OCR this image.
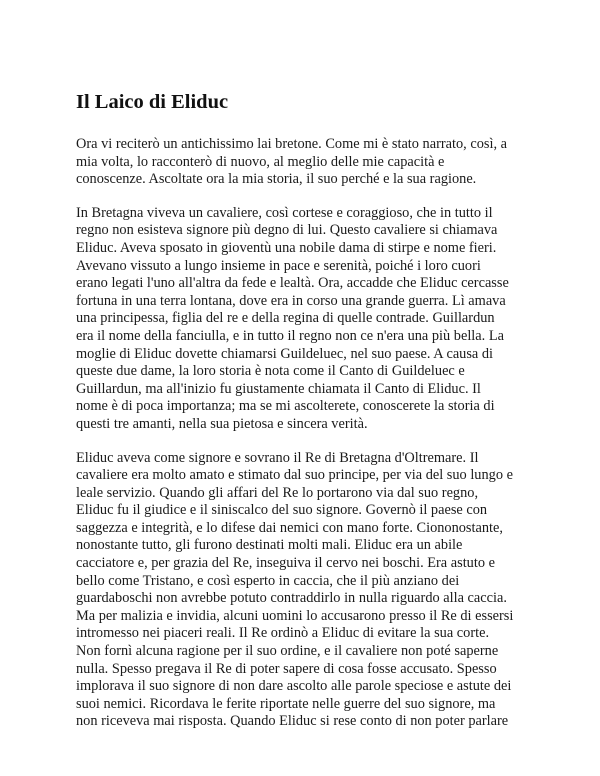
Il Laico di Eliduc
Ora vi reciterò un antichissimo lai bretone. Come mi è stato narrato, così, a
mia volta, lo racconterò di nuovo, al meglio delle mie capacità e
conoscenze. Ascoltate ora la mia storia, il suo perché e la sua ragione.
In Bretagna viveva un cavaliere, così cortese e coraggioso, che in tutto il
regno non esisteva signore più degno di lui. Questo cavaliere si chiamava
Eliduc. Aveva sposato in gioventù una nobile dama di stirpe e nome fieri.
Avevano vissuto a lungo insieme in pace e serenità, poiché i loro cuori
erano legati l'uno all'altra da fede e lealtà. Ora, accadde che Eliduc cercasse
fortuna in una terra lontana, dove era in corso una grande guerra. Lì amava
una principessa, figlia del re e della regina di quelle contrade. Guillardun
era il nome della fanciulla, e in tutto il regno non ce n'era una più bella. La
moglie di Eliduc dovette chiamarsi Guildeluec, nel suo paese. A causa di
queste due dame, la loro storia è nota come il Canto di Guildeluec e
Guillardun, ma all'inizio fu giustamente chiamata il Canto di Eliduc. Il
nome è di poca importanza; ma se mi ascolterete, conoscerete la storia di
questi tre amanti, nella sua pietosa e sincera verità.
Eliduc aveva come signore e sovrano il Re di Bretagna d'Oltremare. Il
cavaliere era molto amato e stimato dal suo principe, per via del suo lungo e
leale servizio. Quando gli affari del Re lo portarono via dal suo regno,
Eliduc fu il giudice e il siniscalco del suo signore. Governò il paese con
saggezza e integrità, e lo difese dai nemici con mano forte. Ciononostante,
nonostante tutto, gli furono destinati molti mali. Eliduc era un abile
cacciatore e, per grazia del Re, inseguiva il cervo nei boschi. Era astuto e
bello come Tristano, e così esperto in caccia, che il più anziano dei
guardaboschi non avrebbe potuto contraddirlo in nulla riguardo alla caccia.
Ma per malizia e invidia, alcuni uomini lo accusarono presso il Re di essersi
intromesso nei piaceri reali. Il Re ordinò a Eliduc di evitare la sua corte.
Non fornì alcuna ragione per il suo ordine, e il cavaliere non poté saperne
nulla. Spesso pregava il Re di poter sapere di cosa fosse accusato. Spesso
implorava il suo signore di non dare ascolto alle parole speciose e astute dei
suoi nemici. Ricordava le ferite riportate nelle guerre del suo signore, ma
non riceveva mai risposta. Quando Eliduc si rese conto di non poter parlare
